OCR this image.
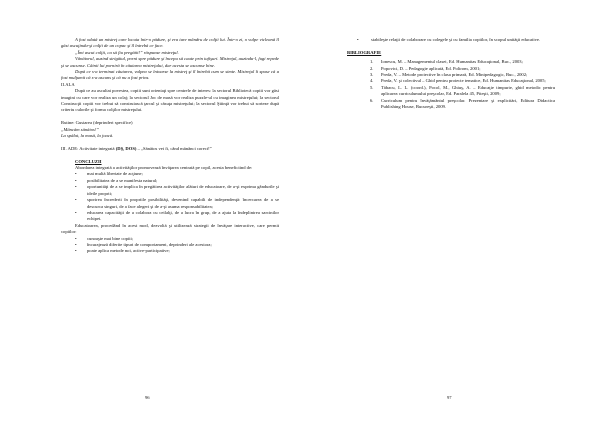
A fost odată un mistreţ care locuia într-o pădure, şi era tare mândru de colţii lui. Într-o zi, o vulpe vicleană îl găsi ascuţindu-şi colţii de un copac şi îl întrebă ce face.

„Îmi ascut colţii, ca să fiu pregătit!” răspunse mistreţul.

Vânătorul, auzind strigătul, porni spre pădure şi începu să caute prin tufişuri. Mistreţul, auzindu-l, fugi repede şi se ascunse. Câinii lui porniră în căutarea mistreţului, dar acesta se ascunse bine.

După ce s-a terminat căutarea, vulpea se întoarse la mistreţ şi îl întrebă cum se simte. Mistreţul îi spuse că a fost mulţumit că s-a ascuns şi că nu a fost prins.

II.ALA

După ce au ascultat povestea, copiii sunt orientaţi spre centrele de interes: la sectorul Bibliotecă copiii vor găsi imagini cu care vor realiza un colaj; la sectorul Joc de masă vor realiza puzzle-ul cu imaginea mistreţului; la sectorul Construcţii copiii vor trebui să construiască ţarcul şi căsuţa mistreţului; la sectorul Ştiinţă vor trebui să sorteze după criteriu culorile şi forma colţilor mistreţului.

Rutine: Gustarea (deprinderi specifice)

„Mâncăm sănătos!”

La spălat, la masă, la joacă.

III. ADE: Activitate integrată (DŞ, DOS) – „Sănătos vei fi, când mănânci corect!”

CONCLUZII

Abordarea integrată a activităţilor promovează învăţarea centrată pe copil, acesta beneficiind de:

• mai multă libertate de acţiune;
• posibilitatea de a se manifesta natural;
• oportunităţi de a se implica în pregătirea activităţilor alături de educatoare, de a-şi exprima gândurile şi ideile proprii;
• sporirea încrederii în propriile posibilităţi, devenind capabili de independenţă: încercarea de a se descurca singuri, de a face alegeri şi de a-şi asuma responsabilitatea;
• educarea capacităţii de a colabora cu ceilalţi, de a lucra în grup, de a ajuta la îndeplinirea sarcinilor echipei.

Educatoarea, procedând în acest mod, dezvoltă şi utilizează strategii de învăţare interactive, care permit copiilor:

• cunoaşte mai bine copiii;
• încurajează diferite tipuri de comportament, deprinderi ale acestora;
• poate aplica metode noi, active-participative;
96
• stabileşte relaţii de colaborare cu colegele şi cu familia copiilor, în scopul unităţii educative.

BIBLIOGRAFIE

1. Ionescu, M. – Managementul clasei, Ed. Humanitas Educaţional, Buc., 2003;
2. Popovici, D. – Pedagogie aplicată, Ed. Polirom, 2001;
3. Preda, V. – Metode proiective în clasa primară, Ed. Minipedagogic, Buc., 2002;
4. Preda, V. şi colectivul – Ghid pentru proiecte tematice, Ed. Humanitas Educaţional, 2005;
5. Tăbacu, L. L. (coord.), Pocol, M., Ghiuş, A. – Educaţie timpurie, ghid metodic pentru aplicarea curriculumului preşcolar, Ed. Paralela 45, Piteşti, 2009;
6. Curriculum pentru învăţământul preşcolar. Prezentare şi explicitări, Editura Didactica Publishing House, Bucureşti, 2009.
97
